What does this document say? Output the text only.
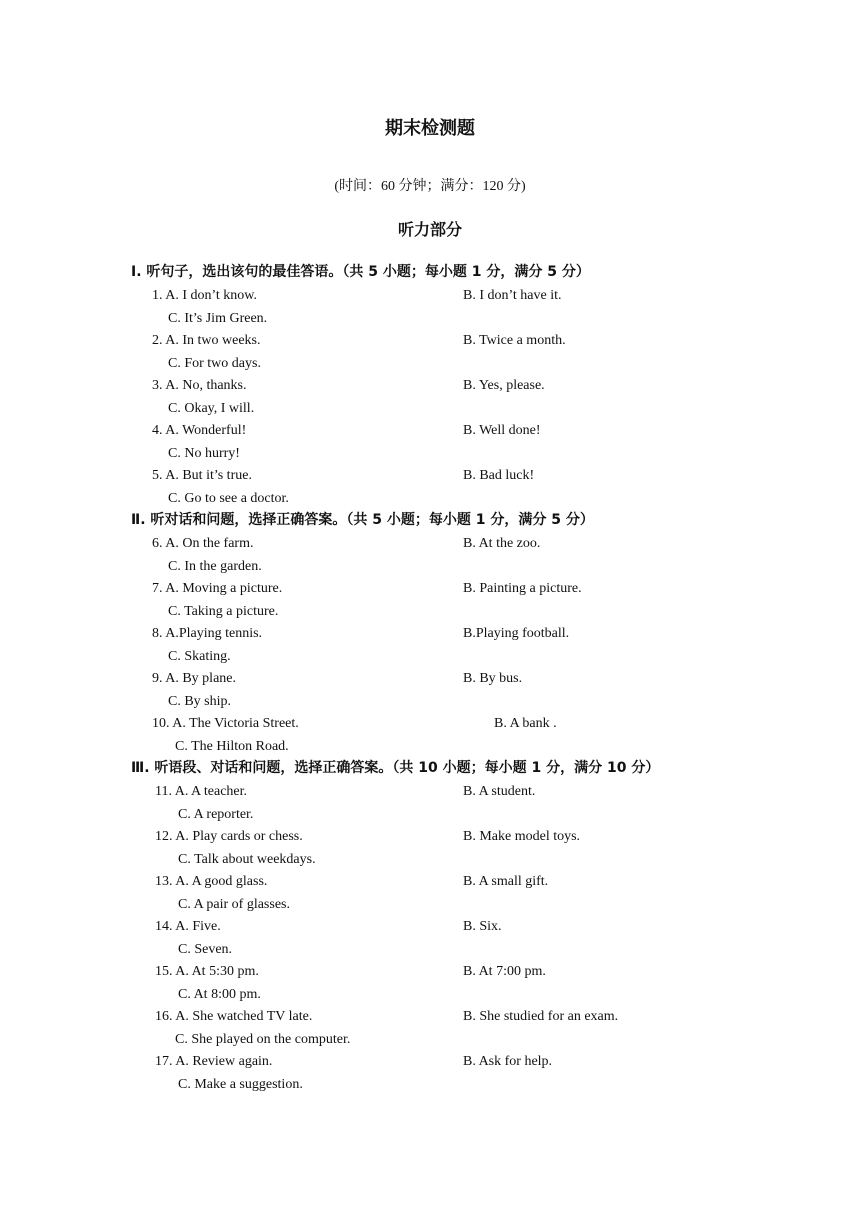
期末检测题
(时间：60 分钟；满分：120 分)
听力部分
Ⅰ. 听句子，选出该句的最佳答语。（共 5 小题；每小题 1 分，满分 5 分）
1. A. I don’t know.	B. I don’t have it.
C. It’s Jim Green.
2. A. In two weeks.	B. Twice a month.
C. For two days.
3. A. No, thanks.	B. Yes, please.
C. Okay, I will.
4. A. Wonderful!	B. Well done!
C. No hurry!
5. A. But it’s true.	B. Bad luck!
C. Go to see a doctor.
Ⅱ. 听对话和问题，选择正确答案。（共 5 小题；每小题 1 分，满分 5 分）
6. A. On the farm.	B. At the zoo.
C. In the garden.
7. A. Moving a picture.	B. Painting a picture.
C. Taking a picture.
8. A.Playing tennis.	B.Playing football.
C. Skating.
9. A. By plane.	B. By bus.
C. By ship.
10. A. The Victoria Street.	B. A bank .
C. The Hilton Road.
Ⅲ. 听语段、对话和问题，选择正确答案。（共 10 小题；每小题 1 分，满分 10 分）
11. A. A teacher.	B. A student.
C. A reporter.
12. A. Play cards or chess.	B. Make model toys.
C. Talk about weekdays.
13. A. A good glass.	B. A small gift.
C. A pair of glasses.
14. A. Five.	B. Six.
C. Seven.
15. A. At 5:30 pm.	B. At 7:00 pm.
C. At 8:00 pm.
16. A. She watched TV late.	B. She studied for an exam.
C. She played on the computer.
17. A. Review again.	B. Ask for help.
C. Make a suggestion.
